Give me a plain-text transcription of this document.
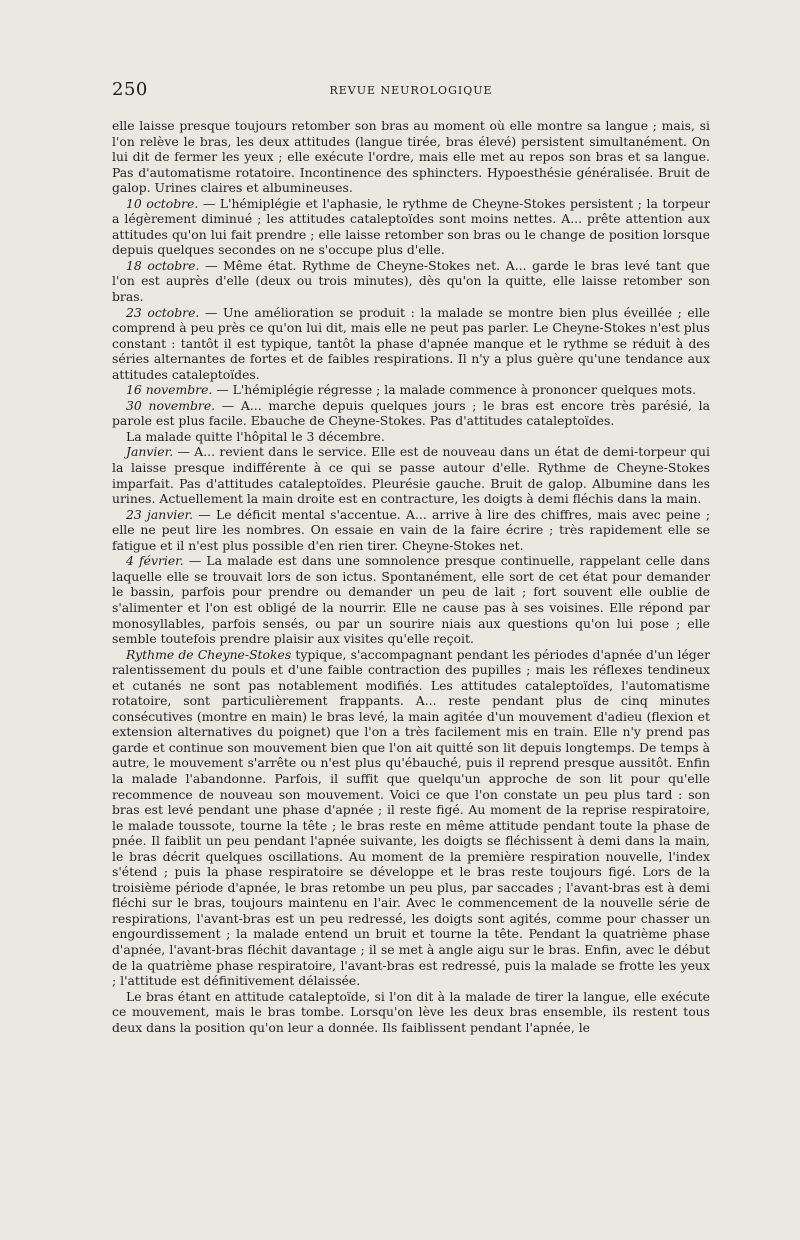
250	REVUE NEUROLOGIQUE

elle laisse presque toujours retomber son bras au moment où elle montre sa langue ; mais, si l'on relève le bras, les deux attitudes (langue tirée, bras élevé) persistent simultanément. On lui dit de fermer les yeux ; elle exécute l'ordre, mais elle met au repos son bras et sa langue. Pas d'automatisme rotatoire. Incontinence des sphincters. Hypoesthésie généralisée. Bruit de galop. Urines claires et albumineuses.

10 octobre. — L'hémiplégie et l'aphasie, le rythme de Cheyne-Stokes persistent ; la torpeur a légèrement diminué ; les attitudes cataleptoïdes sont moins nettes. A... prête attention aux attitudes qu'on lui fait prendre ; elle laisse retomber son bras ou le change de position lorsque depuis quelques secondes on ne s'occupe plus d'elle.

18 octobre. — Même état. Rythme de Cheyne-Stokes net. A... garde le bras levé tant que l'on est auprès d'elle (deux ou trois minutes), dès qu'on la quitte, elle laisse retomber son bras.

23 octobre. — Une amélioration se produit : la malade se montre bien plus éveillée ; elle comprend à peu près ce qu'on lui dit, mais elle ne peut pas parler. Le Cheyne-Stokes n'est plus constant : tantôt il est typique, tantôt la phase d'apnée manque et le rythme se réduit à des séries alternantes de fortes et de faibles respirations. Il n'y a plus guère qu'une tendance aux attitudes cataleptoïdes.

16 novembre. — L'hémiplégie régresse ; la malade commence à prononcer quelques mots.

30 novembre. — A... marche depuis quelques jours ; le bras est encore très parésié, la parole est plus facile. Ebauche de Cheyne-Stokes. Pas d'attitudes cataleptoïdes.

La malade quitte l'hôpital le 3 décembre.

Janvier. — A... revient dans le service. Elle est de nouveau dans un état de demi-torpeur qui la laisse presque indifférente à ce qui se passe autour d'elle. Rythme de Cheyne-Stokes imparfait. Pas d'attitudes cataleptoïdes. Pleurésie gauche. Bruit de galop. Albumine dans les urines. Actuellement la main droite est en contracture, les doigts à demi fléchis dans la main.

23 janvier. — Le déficit mental s'accentue. A... arrive à lire des chiffres, mais avec peine ; elle ne peut lire les nombres. On essaie en vain de la faire écrire ; très rapidement elle se fatigue et il n'est plus possible d'en rien tirer. Cheyne-Stokes net.

4 février. — La malade est dans une somnolence presque continuelle, rappelant celle dans laquelle elle se trouvait lors de son ictus. Spontanément, elle sort de cet état pour demander le bassin, parfois pour prendre ou demander un peu de lait ; fort souvent elle oublie de s'alimenter et l'on est obligé de la nourrir. Elle ne cause pas à ses voisines. Elle répond par monosyllables, parfois sensés, ou par un sourire niais aux questions qu'on lui pose ; elle semble toutefois prendre plaisir aux visites qu'elle reçoit.

Rythme de Cheyne-Stokes typique, s'accompagnant pendant les périodes d'apnée d'un léger ralentissement du pouls et d'une faible contraction des pupilles ; mais les réflexes tendineux et cutanés ne sont pas notablement modifiés. Les attitudes cataleptoïdes, l'automatisme rotatoire, sont particulièrement frappants. A... reste pendant plus de cinq minutes consécutives (montre en main) le bras levé, la main agitée d'un mouvement d'adieu (flexion et extension alternatives du poignet) que l'on a très facilement mis en train. Elle n'y prend pas garde et continue son mouvement bien que l'on ait quitté son lit depuis longtemps. De temps à autre, le mouvement s'arrête ou n'est plus qu'ébauché, puis il reprend presque aussitôt. Enfin la malade l'abandonne. Parfois, il suffit que quelqu'un approche de son lit pour qu'elle recommence de nouveau son mouvement. Voici ce que l'on constate un peu plus tard : son bras est levé pendant une phase d'apnée ; il reste figé. Au moment de la reprise respiratoire, le malade toussote, tourne la tête ; le bras reste en même attitude pendant toute la phase de pnée. Il faiblit un peu pendant l'apnée suivante, les doigts se fléchissent à demi dans la main, le bras décrit quelques oscillations. Au moment de la première respiration nouvelle, l'index s'étend ; puis la phase respiratoire se développe et le bras reste toujours figé. Lors de la troisième période d'apnée, le bras retombe un peu plus, par saccades ; l'avant-bras est à demi fléchi sur le bras, toujours maintenu en l'air. Avec le commencement de la nouvelle série de respirations, l'avant-bras est un peu redressé, les doigts sont agités, comme pour chasser un engourdissement ; la malade entend un bruit et tourne la tête. Pendant la quatrième phase d'apnée, l'avant-bras fléchit davantage ; il se met à angle aigu sur le bras. Enfin, avec le début de la quatrième phase respiratoire, l'avant-bras est redressé, puis la malade se frotte les yeux ; l'attitude est définitivement délaissée.

Le bras étant en attitude cataleptoïde, si l'on dit à la malade de tirer la langue, elle exécute ce mouvement, mais le bras tombe. Lorsqu'on lève les deux bras ensemble, ils restent tous deux dans la position qu'on leur a donnée. Ils faiblissent pendant l'apnée, le
